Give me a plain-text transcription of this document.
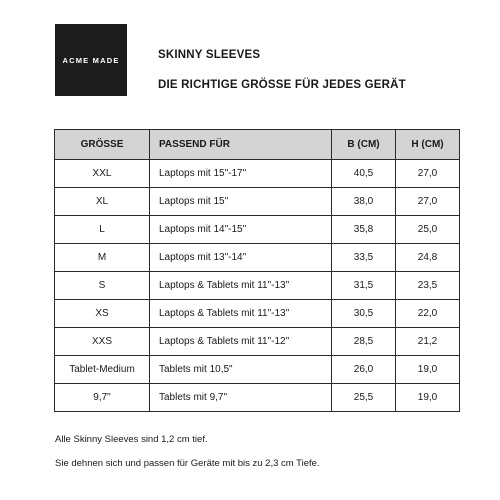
ACME MADE	SKINNY SLEEVES
DIE RICHTIGE GRÖSSE FÜR JEDES GERÄT
GRÖSSE	PASSEND FÜR	B (CM)	H (CM)
XXL	Laptops mit 15"-17"	40,5	27,0
XL	Laptops mit 15"	38,0	27,0
L	Laptops mit 14"-15"	35,8	25,0
M	Laptops mit 13"-14"	33,5	24,8
S	Laptops & Tablets mit 11"-13"	31,5	23,5
XS	Laptops & Tablets mit 11"-13"	30,5	22,0
XXS	Laptops & Tablets mit 11"-12"	28,5	21,2
Tablet-Medium	Tablets mit 10,5"	26,0	19,0
9,7"	Tablets mit 9,7"	25,5	19,0
Alle Skinny Sleeves sind 1,2 cm tief.
Sie dehnen sich und passen für Geräte mit bis zu 2,3 cm Tiefe.
